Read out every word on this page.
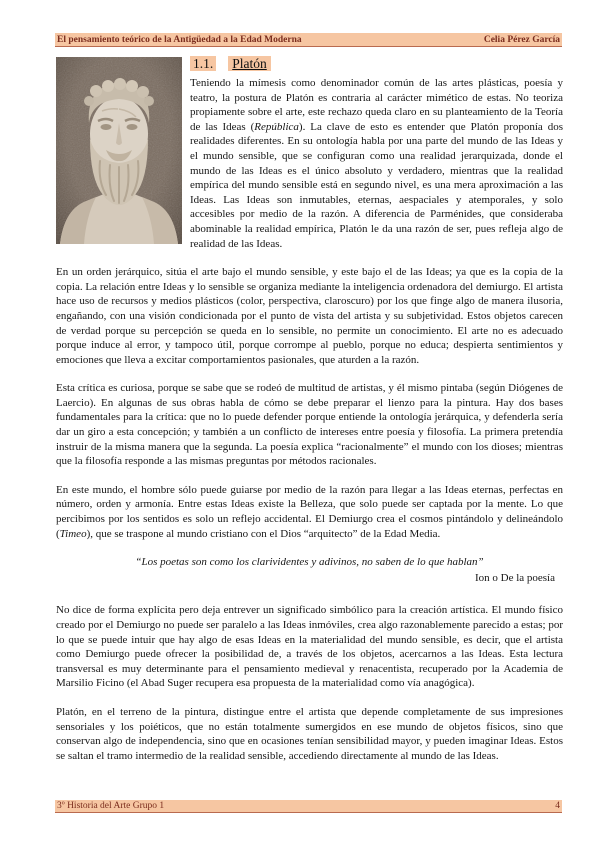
El pensamiento teórico de la Antigüedad a la Edad Moderna	Celia Pérez García
1.1. Platón

Teniendo la mímesis como denominador común de las artes plásticas, poesía y teatro, la postura de Platón es contraria al carácter mimético de estas. No teoriza propiamente sobre el arte, este rechazo queda claro en su planteamiento de la Teoría de las Ideas (República). La clave de esto es entender que Platón proponía dos realidades diferentes. En su ontología habla por una parte del mundo de las Ideas y el mundo sensible, que se configuran como una realidad jerarquizada, donde el mundo de las Ideas es el único absoluto y verdadero, mientras que la realidad empírica del mundo sensible está en segundo nivel, es una mera aproximación a las Ideas. Las Ideas son inmutables, eternas, aespaciales y atemporales, y solo accesibles por medio de la razón. A diferencia de Parménides, que consideraba abominable la realidad empírica, Platón le da una razón de ser, pues refleja algo de realidad de las Ideas.

En un orden jerárquico, sitúa el arte bajo el mundo sensible, y este bajo el de las Ideas; ya que es la copia de la copia. La relación entre Ideas y lo sensible se organiza mediante la inteligencia ordenadora del demiurgo. El artista hace uso de recursos y medios plásticos (color, perspectiva, claroscuro) por los que finge algo de manera ilusoria, engañando, con una visión condicionada por el punto de vista del artista y su subjetividad. Estos objetos carecen de verdad porque su percepción se queda en lo sensible, no permite un conocimiento. El arte no es adecuado porque induce al error, y tampoco útil, porque corrompe al pueblo, porque no educa; despierta sentimientos y emociones que lleva a excitar comportamientos pasionales, que aturden a la razón.

Esta crítica es curiosa, porque se sabe que se rodeó de multitud de artistas, y él mismo pintaba (según Diógenes de Laercio). En algunas de sus obras habla de cómo se debe preparar el lienzo para la pintura. Hay dos bases fundamentales para la crítica: que no lo puede defender porque entiende la ontología jerárquica, y defenderla sería dar un giro a esta concepción; y también a un conflicto de intereses entre poesía y filosofía. La primera pretendía instruir de la misma manera que la segunda. La poesía explica “racionalmente” el mundo con los dioses; mientras que la filosofía responde a las mismas preguntas por métodos racionales.

En este mundo, el hombre sólo puede guiarse por medio de la razón para llegar a las Ideas eternas, perfectas en número, orden y armonía. Entre estas Ideas existe la Belleza, que solo puede ser captada por la mente. Lo que percibimos por los sentidos es solo un reflejo accidental. El Demiurgo crea el cosmos pintándolo y delineándolo (Timeo), que se traspone al mundo cristiano con el Dios “arquitecto” de la Edad Media.

“Los poetas son como los clarividentes y adivinos, no saben de lo que hablan”

Ion o De la poesía

No dice de forma explícita pero deja entrever un significado simbólico para la creación artística. El mundo físico creado por el Demiurgo no puede ser paralelo a las Ideas inmóviles, crea algo razonablemente parecido a estas; por lo que se puede intuir que hay algo de esas Ideas en la materialidad del mundo sensible, es decir, que el artista como Demiurgo puede ofrecer la posibilidad de, a través de los objetos, acercarnos a las Ideas. Esta lectura transversal es muy determinante para el pensamiento medieval y renacentista, recuperado por la Academia de Marsilio Ficino (el Abad Suger recupera esa propuesta de la materialidad como vía anagógica).

Platón, en el terreno de la pintura, distingue entre el artista que depende completamente de sus impresiones sensoriales y los poiéticos, que no están totalmente sumergidos en ese mundo de objetos físicos, sino que conservan algo de independencia, sino que en ocasiones tenían sensibilidad mayor, y pueden imaginar Ideas. Estos se saltan el tramo intermedio de la realidad sensible, accediendo directamente al mundo de las Ideas.

3º Historia del Arte Grupo 1	4
